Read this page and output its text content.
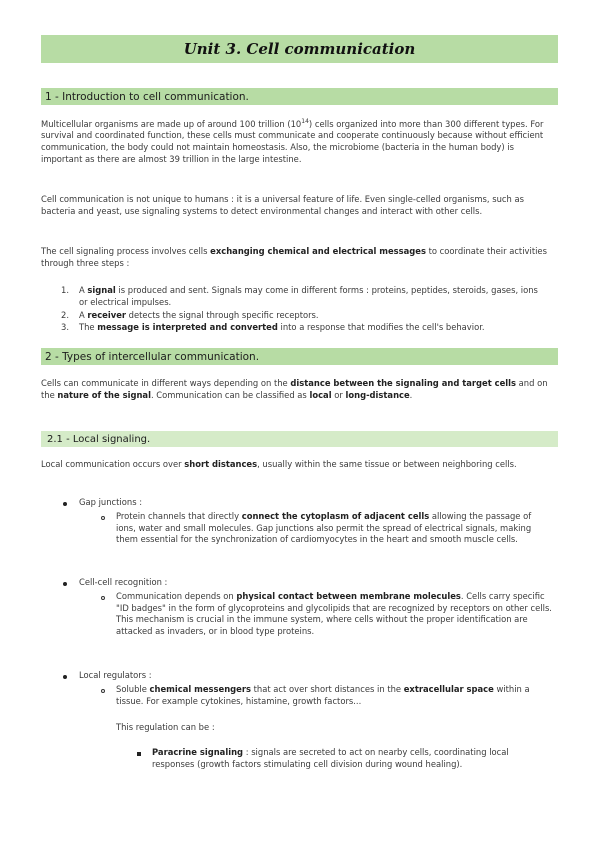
Unit 3. Cell communication
1 - Introduction to cell communication.

Multicellular organisms are made up of around 100 trillion $(10^{14})$ cells organized into more than 300 different types. For survival and coordinated function, these cells must communicate and cooperate continuously because without efficient communication, the body could not maintain homeostasis. Also, the microbiome (bacteria in the human body) is important as there are almost 39 trillion in the large intestine.

Cell communication is not unique to humans : it is a universal feature of life. Even single-celled organisms, such as bacteria and yeast, use signaling systems to detect environmental changes and interact with other cells.

The cell signaling process involves cells exchanging chemical and electrical messages to coordinate their activities through three steps :

1. A signal is produced and sent. Signals may come in different forms : proteins, peptides, steroids, gases, ions or electrical impulses.

2. A receiver detects the signal through specific receptors.

3. The message is interpreted and converted into a response that modifies the cell's behavior.

2 - Types of intercellular communication.

Cells can communicate in different ways depending on the distance between the signaling and target cells and on the nature of the signal. Communication can be classified as local or long-distance.

2.1 - Local signaling.

Local communication occurs over short distances, usually within the same tissue or between neighboring cells.

Gap junctions :

Protein channels that directly connect the cytoplasm of adjacent cells allowing the passage of ions, water and small molecules. Gap junctions also permit the spread of electrical signals, making them essential for the synchronization of cardiomyocytes in the heart and smooth muscle cells.

Cell-cell recognition :

Communication depends on physical contact between membrane molecules. Cells carry specific "ID badges" in the form of glycoproteins and glycolipids that are recognized by receptors on other cells. This mechanism is crucial in the immune system, where cells without the proper identification are attacked as invaders, or in blood type proteins.

Local regulators :

Soluble chemical messengers that act over short distances in the extracellular space within a tissue. For example cytokines, histamine, growth factors...

This regulation can be :

Paracrine signaling : signals are secreted to act on nearby cells, coordinating local responses (growth factors stimulating cell division during wound healing).
